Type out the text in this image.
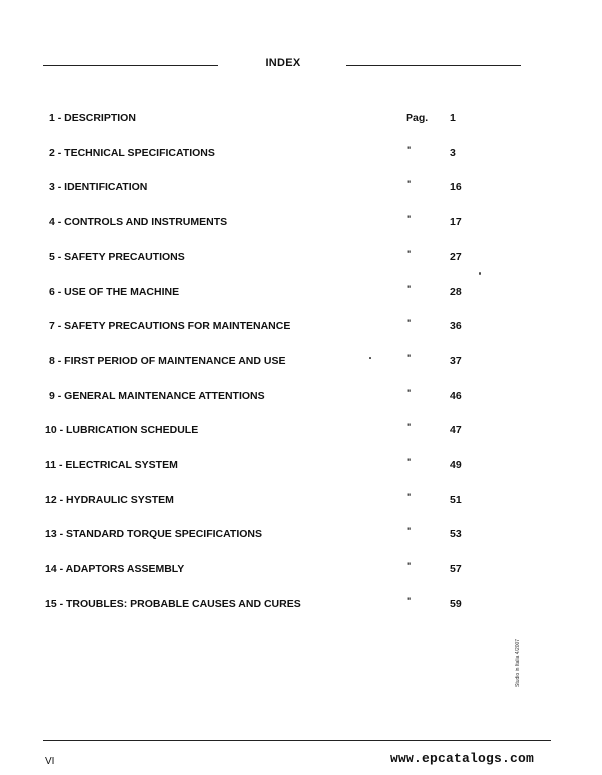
INDEX
1 - DESCRIPTION	Pag. 1
2 - TECHNICAL SPECIFICATIONS	"	3
3 - IDENTIFICATION	"	16
4 - CONTROLS AND INSTRUMENTS	"	17
5 - SAFETY PRECAUTIONS	"	27
6 - USE OF THE MACHINE	"	28
7 - SAFETY PRECAUTIONS FOR MAINTENANCE	"	36
8 - FIRST PERIOD OF MAINTENANCE AND USE	"	37
9 - GENERAL MAINTENANCE ATTENTIONS	"	46
10 - LUBRICATION SCHEDULE	"	47
11 - ELECTRICAL SYSTEM	"	49
12 - HYDRAULIC SYSTEM	"	51
13 - STANDARD TORQUE SPECIFICATIONS	"	53
14 - ADAPTORS ASSEMBLY	"	57
15 - TROUBLES: PROBABLE CAUSES AND CURES	"	59
Studio in Italia 4/2007
VI	www.epcatalogs.com
